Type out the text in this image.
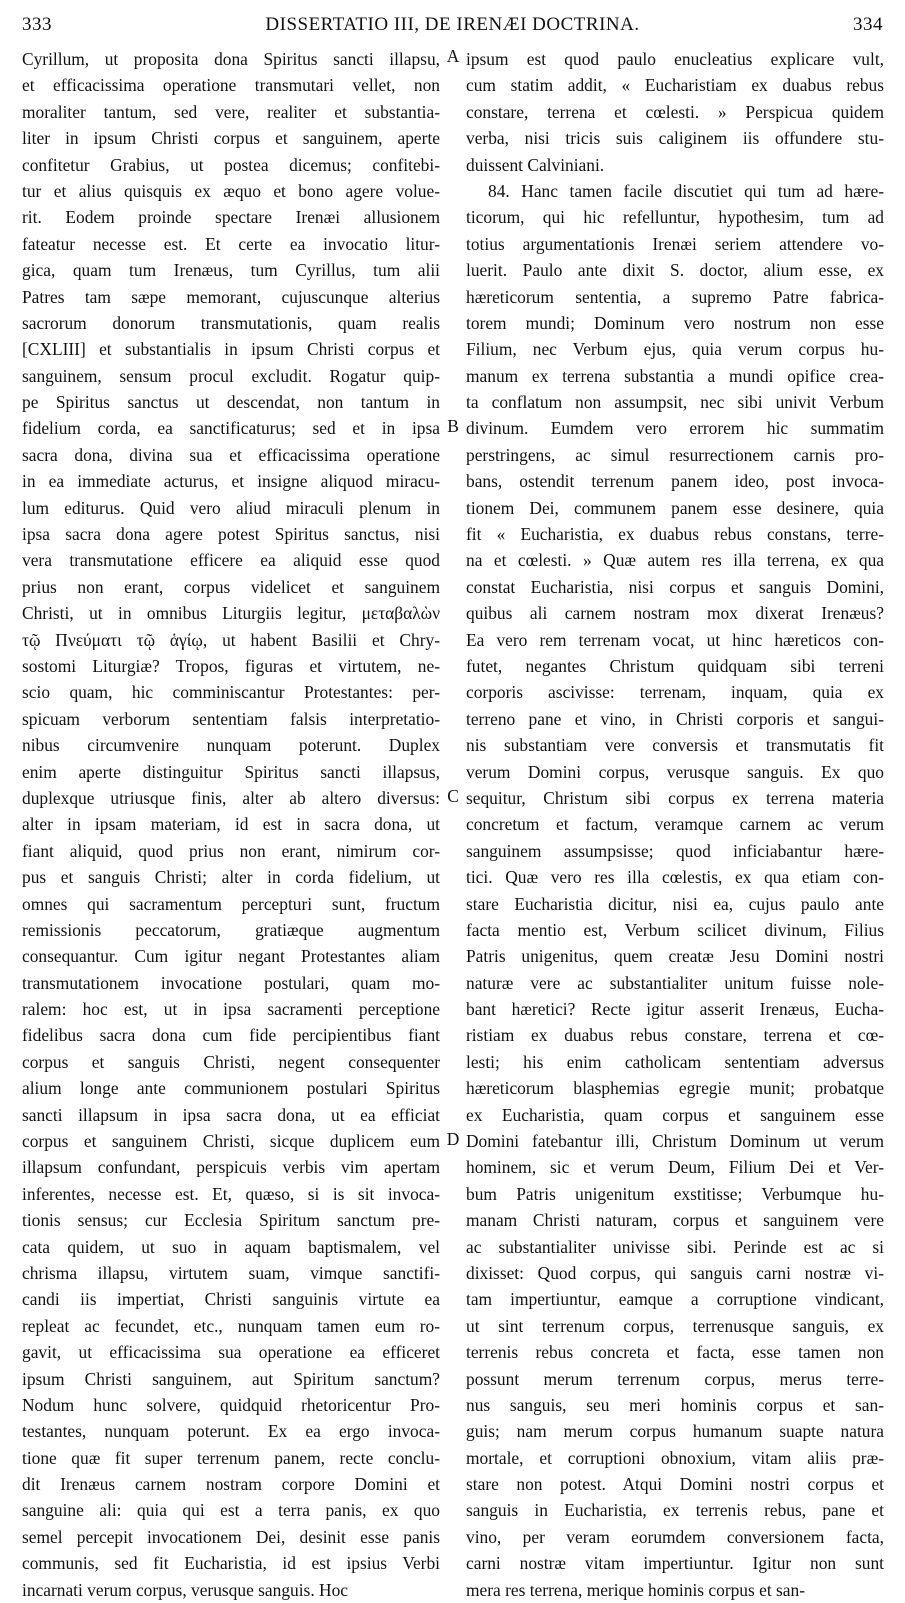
333	DISSERTATIO III, DE IRENÆI DOCTRINA.	334
Cyrillum, ut proposita dona Spiritus sancti illapsu,
et efficacissima operatione transmutari vellet, non
moraliter tantum, sed vere, realiter et substantia-
liter in ipsum Christi corpus et sanguinem, aperte
confitetur Grabius, ut postea dicemus; confitebi-
tur et alius quisquis ex æquo et bono agere volue-
rit. Eodem proinde spectare Irenæi allusionem
fateatur necesse est. Et certe ea invocatio litur-
gica, quam tum Irenæus, tum Cyrillus, tum alii
Patres tam sæpe memorant, cujuscunque alterius
sacrorum donorum transmutationis, quam realis
[CXLIII] et substantialis in ipsum Christi corpus et
sanguinem, sensum procul excludit. Rogatur quip-
pe Spiritus sanctus ut descendat, non tantum in
fidelium corda, ea sanctificaturus; sed et in ipsa
sacra dona, divina sua et efficacissima operatione
in ea immediate acturus, et insigne aliquod miracu-
lum editurus. Quid vero aliud miraculi plenum in
ipsa sacra dona agere potest Spiritus sanctus, nisi
vera transmutatione efficere ea aliquid esse quod
prius non erant, corpus videlicet et sanguinem
Christi, ut in omnibus Liturgiis legitur, μεταβαλὼν
τῷ Πνεύματι τῷ ἁγίῳ, ut habent Basilii et Chry-
sostomi Liturgiæ? Tropos, figuras et virtutem, ne-
scio quam, hic comminiscantur Protestantes: per-
spicuam verborum sententiam falsis interpretatio-
nibus circumvenire nunquam poterunt. Duplex
enim aperte distinguitur Spiritus sancti illapsus,
duplexque utriusque finis, alter ab altero diversus:
alter in ipsam materiam, id est in sacra dona, ut
fiant aliquid, quod prius non erant, nimirum cor-
pus et sanguis Christi; alter in corda fidelium, ut
omnes qui sacramentum percepturi sunt, fructum
remissionis peccatorum, gratiæque augmentum
consequantur. Cum igitur negant Protestantes aliam
transmutationem invocatione postulari, quam mo-
ralem: hoc est, ut in ipsa sacramenti perceptione
fidelibus sacra dona cum fide percipientibus fiant
corpus et sanguis Christi, negent consequenter
alium longe ante communionem postulari Spiritus
sancti illapsum in ipsa sacra dona, ut ea efficiat
corpus et sanguinem Christi, sicque duplicem eum
illapsum confundant, perspicuis verbis vim apertam
inferentes, necesse est. Et, quæso, si is sit invoca-
tionis sensus; cur Ecclesia Spiritum sanctum pre-
cata quidem, ut suo in aquam baptismalem, vel
chrisma illapsu, virtutem suam, vimque sanctifi-
candi iis impertiat, Christi sanguinis virtute ea
repleat ac fecundet, etc., nunquam tamen eum ro-
gavit, ut efficacissima sua operatione ea efficeret
ipsum Christi sanguinem, aut Spiritum sanctum?
Nodum hunc solvere, quidquid rhetoricentur Pro-
testantes, nunquam poterunt. Ex ea ergo invoca-
tione quæ fit super terrenum panem, recte conclu-
dit Irenæus carnem nostram corpore Domini et
sanguine ali: quia qui est a terra panis, ex quo
semel percepit invocationem Dei, desinit esse panis
communis, sed fit Eucharistia, id est ipsius Verbi
incarnati verum corpus, verusque sanguis. Hoc
ipsum est quod paulo enucleatius explicare vult,
cum statim addit, « Eucharistiam ex duabus rebus
constare, terrena et cœlesti. » Perspicua quidem
verba, nisi tricis suis caliginem iis offundere stu-
duissent Calviniani.
84. Hanc tamen facile discutiet qui tum ad hære-
ticorum, qui hic refelluntur, hypothesim, tum ad
totius argumentationis Irenæi seriem attendere vo-
luerit. Paulo ante dixit S. doctor, alium esse, ex
hæreticorum sententia, a supremo Patre fabrica-
torem mundi; Dominum vero nostrum non esse
Filium, nec Verbum ejus, quia verum corpus hu-
manum ex terrena substantia a mundi opifice crea-
ta conflatum non assumpsit, nec sibi univit Verbum
divinum. Eumdem vero errorem hic summatim
perstringens, ac simul resurrectionem carnis pro-
bans, ostendit terrenum panem ideo, post invoca-
tionem Dei, communem panem esse desinere, quia
fit « Eucharistia, ex duabus rebus constans, terre-
na et cœlesti. » Quæ autem res illa terrena, ex qua
constat Eucharistia, nisi corpus et sanguis Domini,
quibus ali carnem nostram mox dixerat Irenæus?
Ea vero rem terrenam vocat, ut hinc hæreticos con-
futet, negantes Christum quidquam sibi terreni
corporis ascivisse: terrenam, inquam, quia ex
terreno pane et vino, in Christi corporis et sangui-
nis substantiam vere conversis et transmutatis fit
verum Domini corpus, verusque sanguis. Ex quo
sequitur, Christum sibi corpus ex terrena materia
concretum et factum, veramque carnem ac verum
sanguinem assumpsisse; quod inficiabantur hære-
tici. Quæ vero res illa cœlestis, ex qua etiam con-
stare Eucharistia dicitur, nisi ea, cujus paulo ante
facta mentio est, Verbum scilicet divinum, Filius
Patris unigenitus, quem creatæ Jesu Domini nostri
naturæ vere ac substantialiter unitum fuisse nole-
bant hæretici? Recte igitur asserit Irenæus, Eucha-
ristiam ex duabus rebus constare, terrena et cœ-
lesti; his enim catholicam sententiam adversus
hæreticorum blasphemias egregie munit; probatque
ex Eucharistia, quam corpus et sanguinem esse
Domini fatebantur illi, Christum Dominum ut verum
hominem, sic et verum Deum, Filium Dei et Ver-
bum Patris unigenitum exstitisse; Verbumque hu-
manam Christi naturam, corpus et sanguinem vere
ac substantialiter univisse sibi. Perinde est ac si
dixisset: Quod corpus, qui sanguis carni nostræ vi-
tam impertiuntur, eamque a corruptione vindicant,
ut sint terrenum corpus, terrenusque sanguis, ex
terrenis rebus concreta et facta, esse tamen non
possunt merum terrenum corpus, merus terre-
nus sanguis, seu meri hominis corpus et san-
guis; nam merum corpus humanum suapte natura
mortale, et corruptioni obnoxium, vitam aliis præ-
stare non potest. Atqui Domini nostri corpus et
sanguis in Eucharistia, ex terrenis rebus, pane et
vino, per veram eorumdem conversionem facta,
carni nostræ vitam impertiuntur. Igitur non sunt
mera res terrena, merique hominis corpus et san-
A
B
C
D
